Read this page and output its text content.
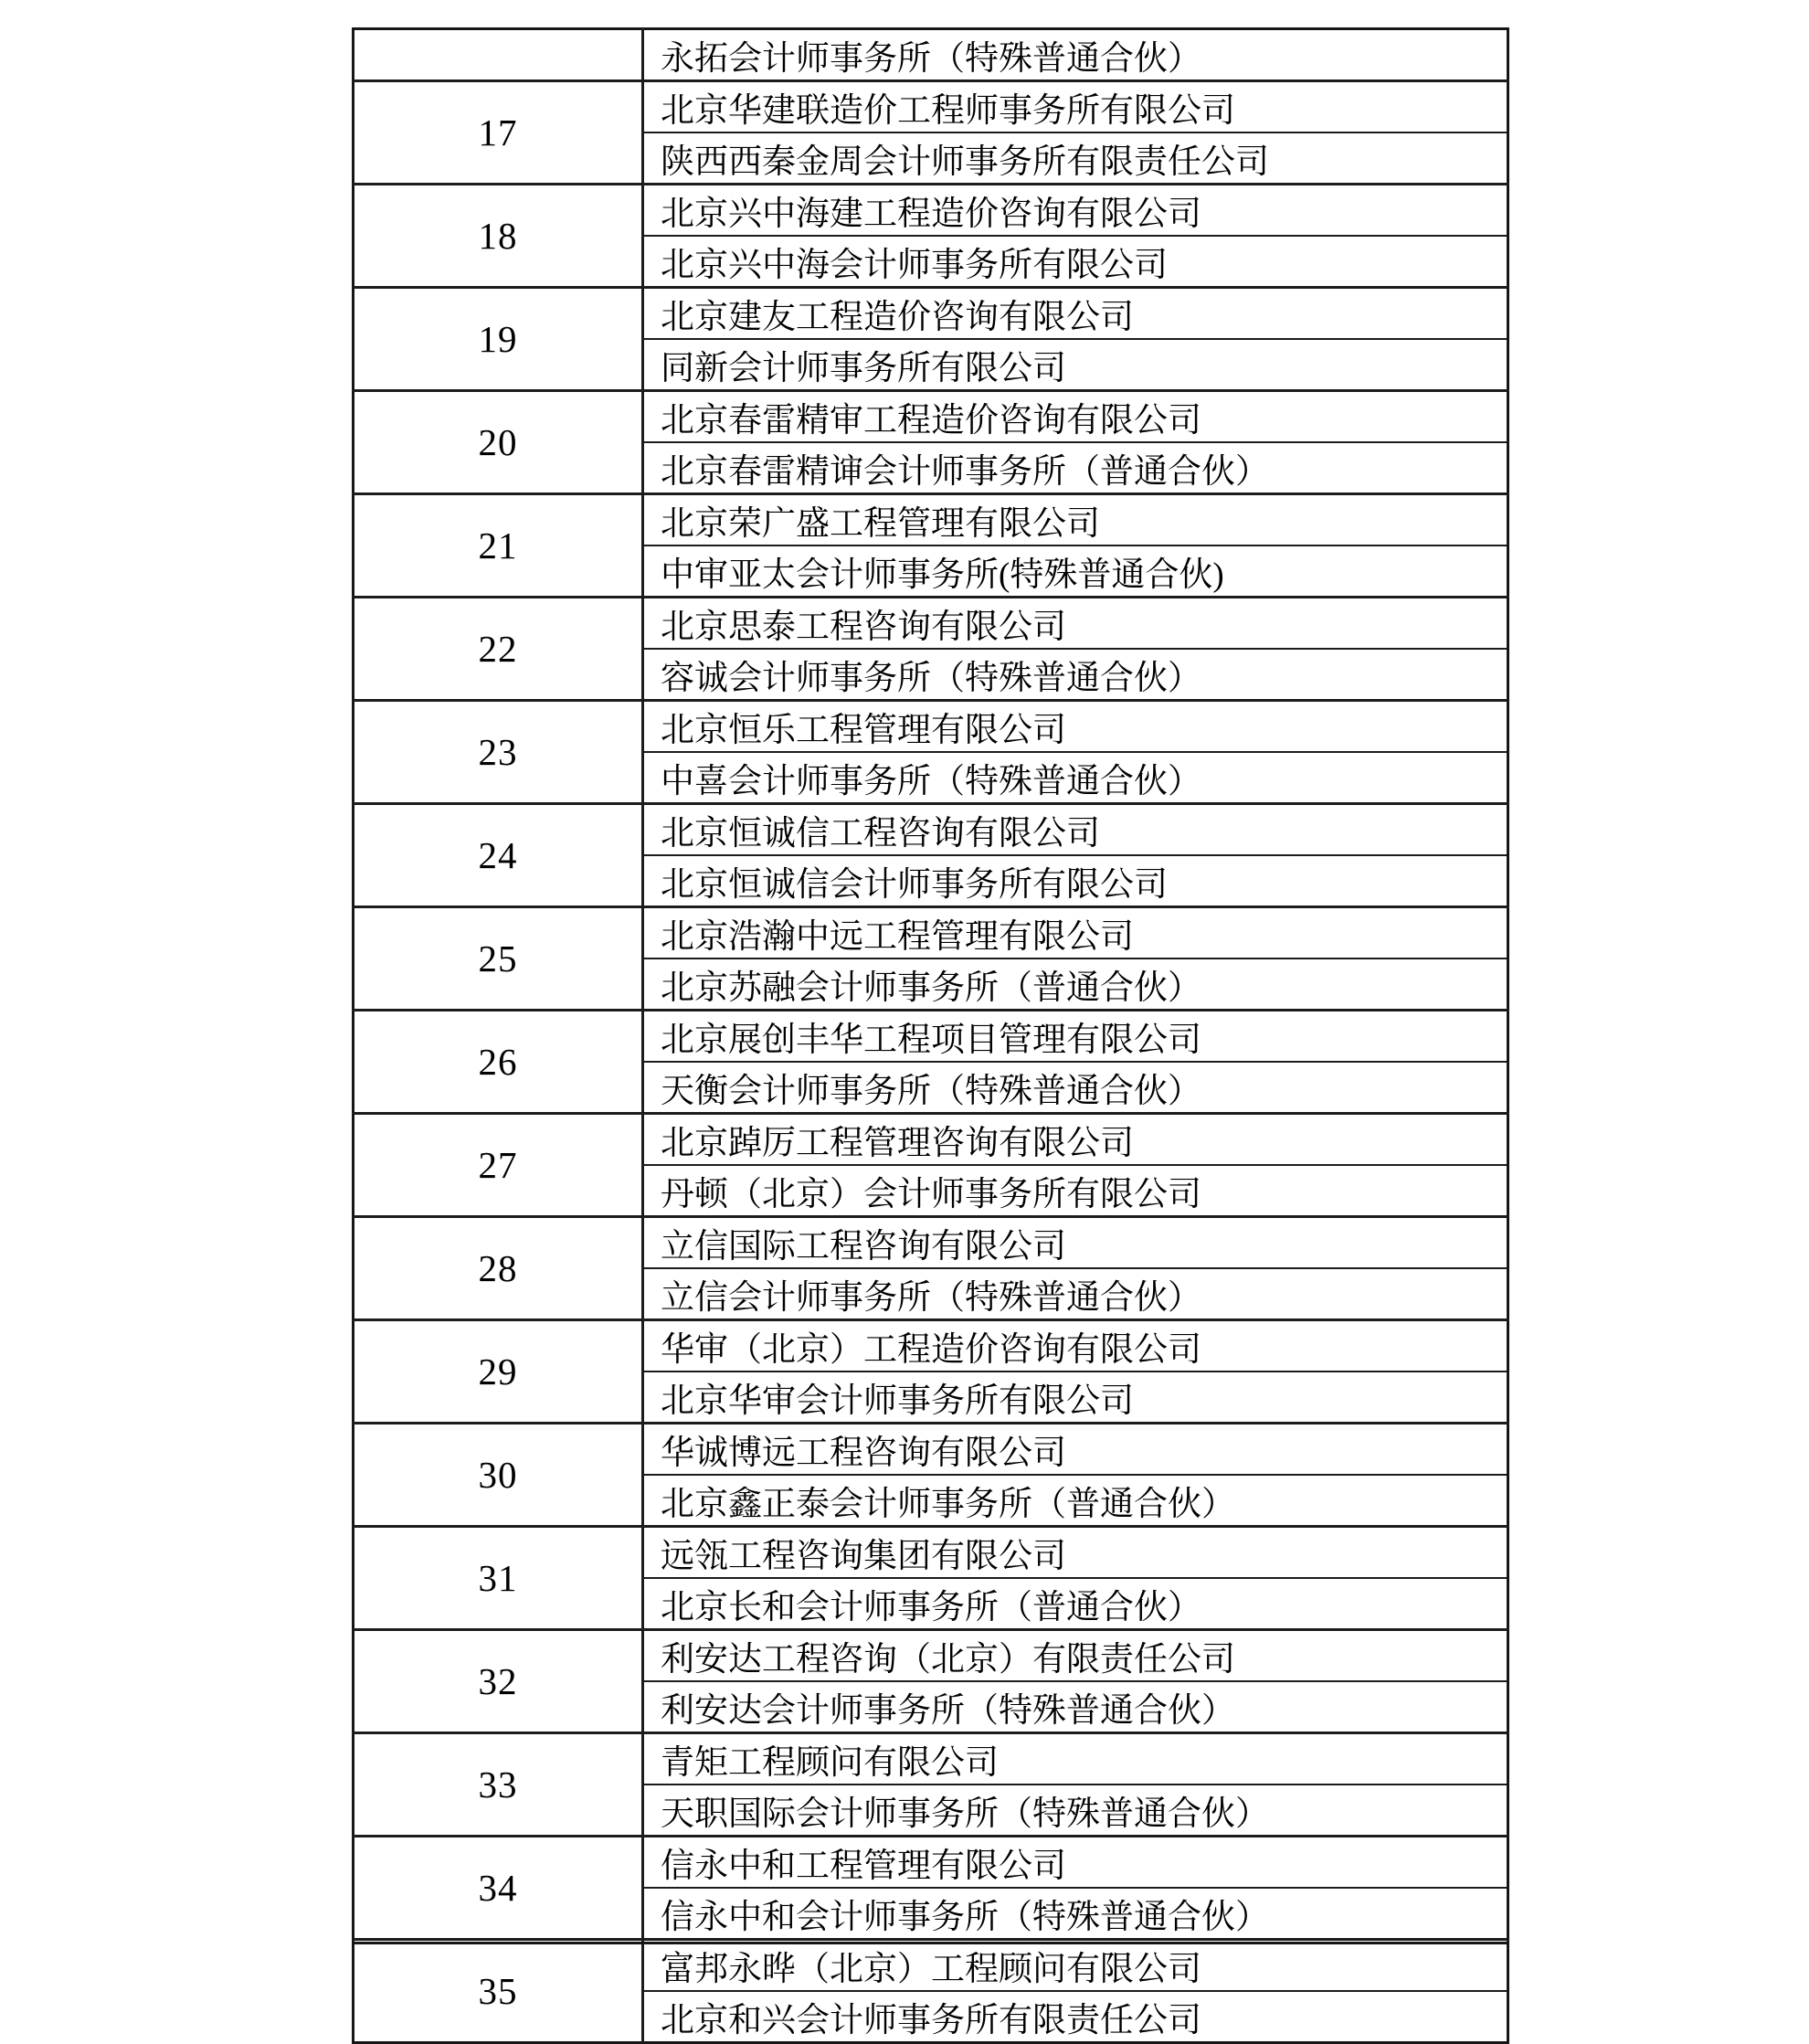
	永拓会计师事务所（特殊普通合伙）
17	北京华建联造价工程师事务所有限公司
	陕西西秦金周会计师事务所有限责任公司
18	北京兴中海建工程造价咨询有限公司
	北京兴中海会计师事务所有限公司
19	北京建友工程造价咨询有限公司
	同新会计师事务所有限公司
20	北京春雷精审工程造价咨询有限公司
	北京春雷精谉会计师事务所（普通合伙）
21	北京荣广盛工程管理有限公司
	中审亚太会计师事务所(特殊普通合伙)
22	北京思泰工程咨询有限公司
	容诚会计师事务所（特殊普通合伙）
23	北京恒乐工程管理有限公司
	中喜会计师事务所（特殊普通合伙）
24	北京恒诚信工程咨询有限公司
	北京恒诚信会计师事务所有限公司
25	北京浩瀚中远工程管理有限公司
	北京苏融会计师事务所（普通合伙）
26	北京展创丰华工程项目管理有限公司
	天衡会计师事务所（特殊普通合伙）
27	北京踔厉工程管理咨询有限公司
	丹顿（北京）会计师事务所有限公司
28	立信国际工程咨询有限公司
	立信会计师事务所（特殊普通合伙）
29	华审（北京）工程造价咨询有限公司
	北京华审会计师事务所有限公司
30	华诚博远工程咨询有限公司
	北京鑫正泰会计师事务所（普通合伙）
31	远瓴工程咨询集团有限公司
	北京长和会计师事务所（普通合伙）
32	利安达工程咨询（北京）有限责任公司
	利安达会计师事务所（特殊普通合伙）
33	青矩工程顾问有限公司
	天职国际会计师事务所（特殊普通合伙）
34	信永中和工程管理有限公司
	信永中和会计师事务所（特殊普通合伙）
35	富邦永晔（北京）工程顾问有限公司
	北京和兴会计师事务所有限责任公司
